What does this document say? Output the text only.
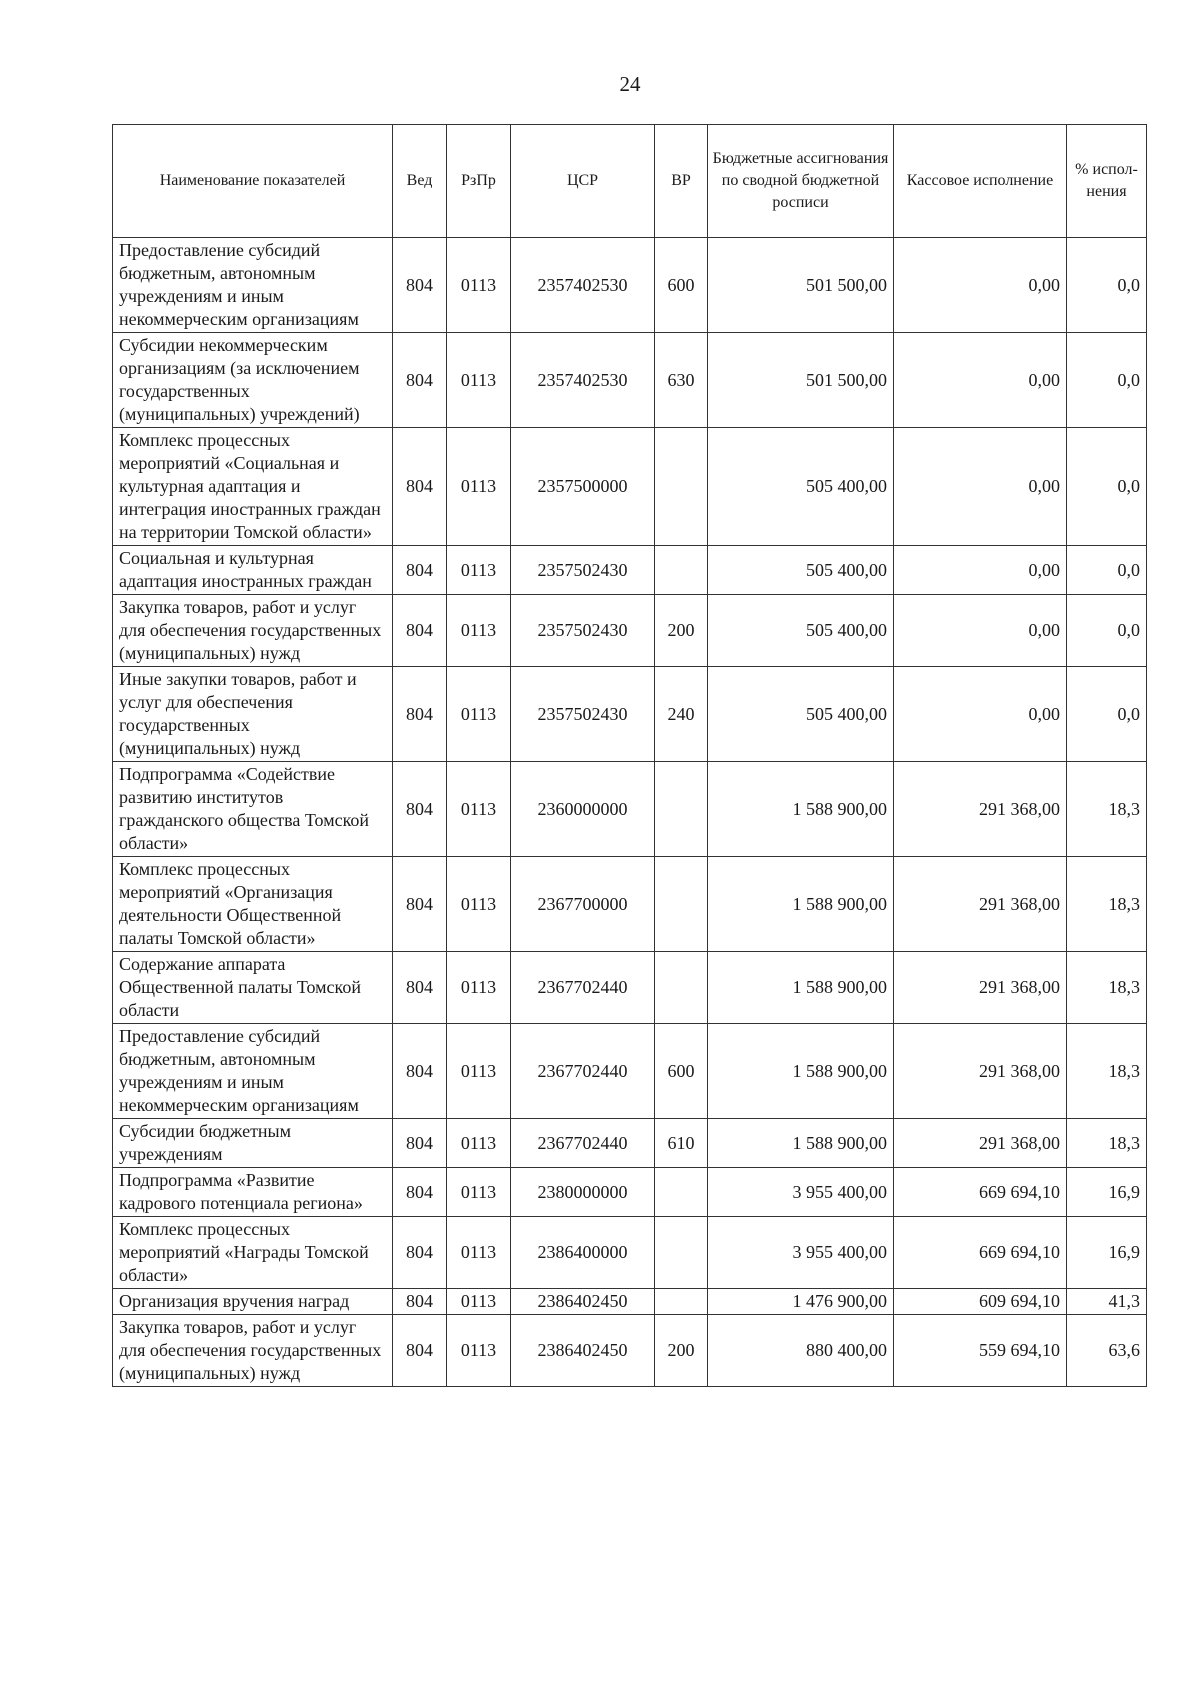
24
Наименование показателей	Вед	РзПр	ЦСР	ВР	Бюджетные ассигнования по сводной бюджетной росписи	Кассовое исполнение	% испол-нения
Предоставление субсидий бюджетным, автономным учреждениям и иным некоммерческим организациям	804	0113	2357402530	600	501 500,00	0,00	0,0
Субсидии некоммерческим организациям (за исключением государственных (муниципальных) учреждений)	804	0113	2357402530	630	501 500,00	0,00	0,0
Комплекс процессных мероприятий «Социальная и культурная адаптация и интеграция иностранных граждан на территории Томской области»	804	0113	2357500000		505 400,00	0,00	0,0
Социальная и культурная адаптация иностранных граждан	804	0113	2357502430		505 400,00	0,00	0,0
Закупка товаров, работ и услуг для обеспечения государственных (муниципальных) нужд	804	0113	2357502430	200	505 400,00	0,00	0,0
Иные закупки товаров, работ и услуг для обеспечения государственных (муниципальных) нужд	804	0113	2357502430	240	505 400,00	0,00	0,0
Подпрограмма «Содействие развитию институтов гражданского общества Томской области»	804	0113	2360000000		1 588 900,00	291 368,00	18,3
Комплекс процессных мероприятий «Организация деятельности Общественной палаты Томской области»	804	0113	2367700000		1 588 900,00	291 368,00	18,3
Содержание аппарата Общественной палаты Томской области	804	0113	2367702440		1 588 900,00	291 368,00	18,3
Предоставление субсидий бюджетным, автономным учреждениям и иным некоммерческим организациям	804	0113	2367702440	600	1 588 900,00	291 368,00	18,3
Субсидии бюджетным учреждениям	804	0113	2367702440	610	1 588 900,00	291 368,00	18,3
Подпрограмма «Развитие кадрового потенциала региона»	804	0113	2380000000		3 955 400,00	669 694,10	16,9
Комплекс процессных мероприятий «Награды Томской области»	804	0113	2386400000		3 955 400,00	669 694,10	16,9
Организация вручения наград	804	0113	2386402450		1 476 900,00	609 694,10	41,3
Закупка товаров, работ и услуг для обеспечения государственных (муниципальных) нужд	804	0113	2386402450	200	880 400,00	559 694,10	63,6
